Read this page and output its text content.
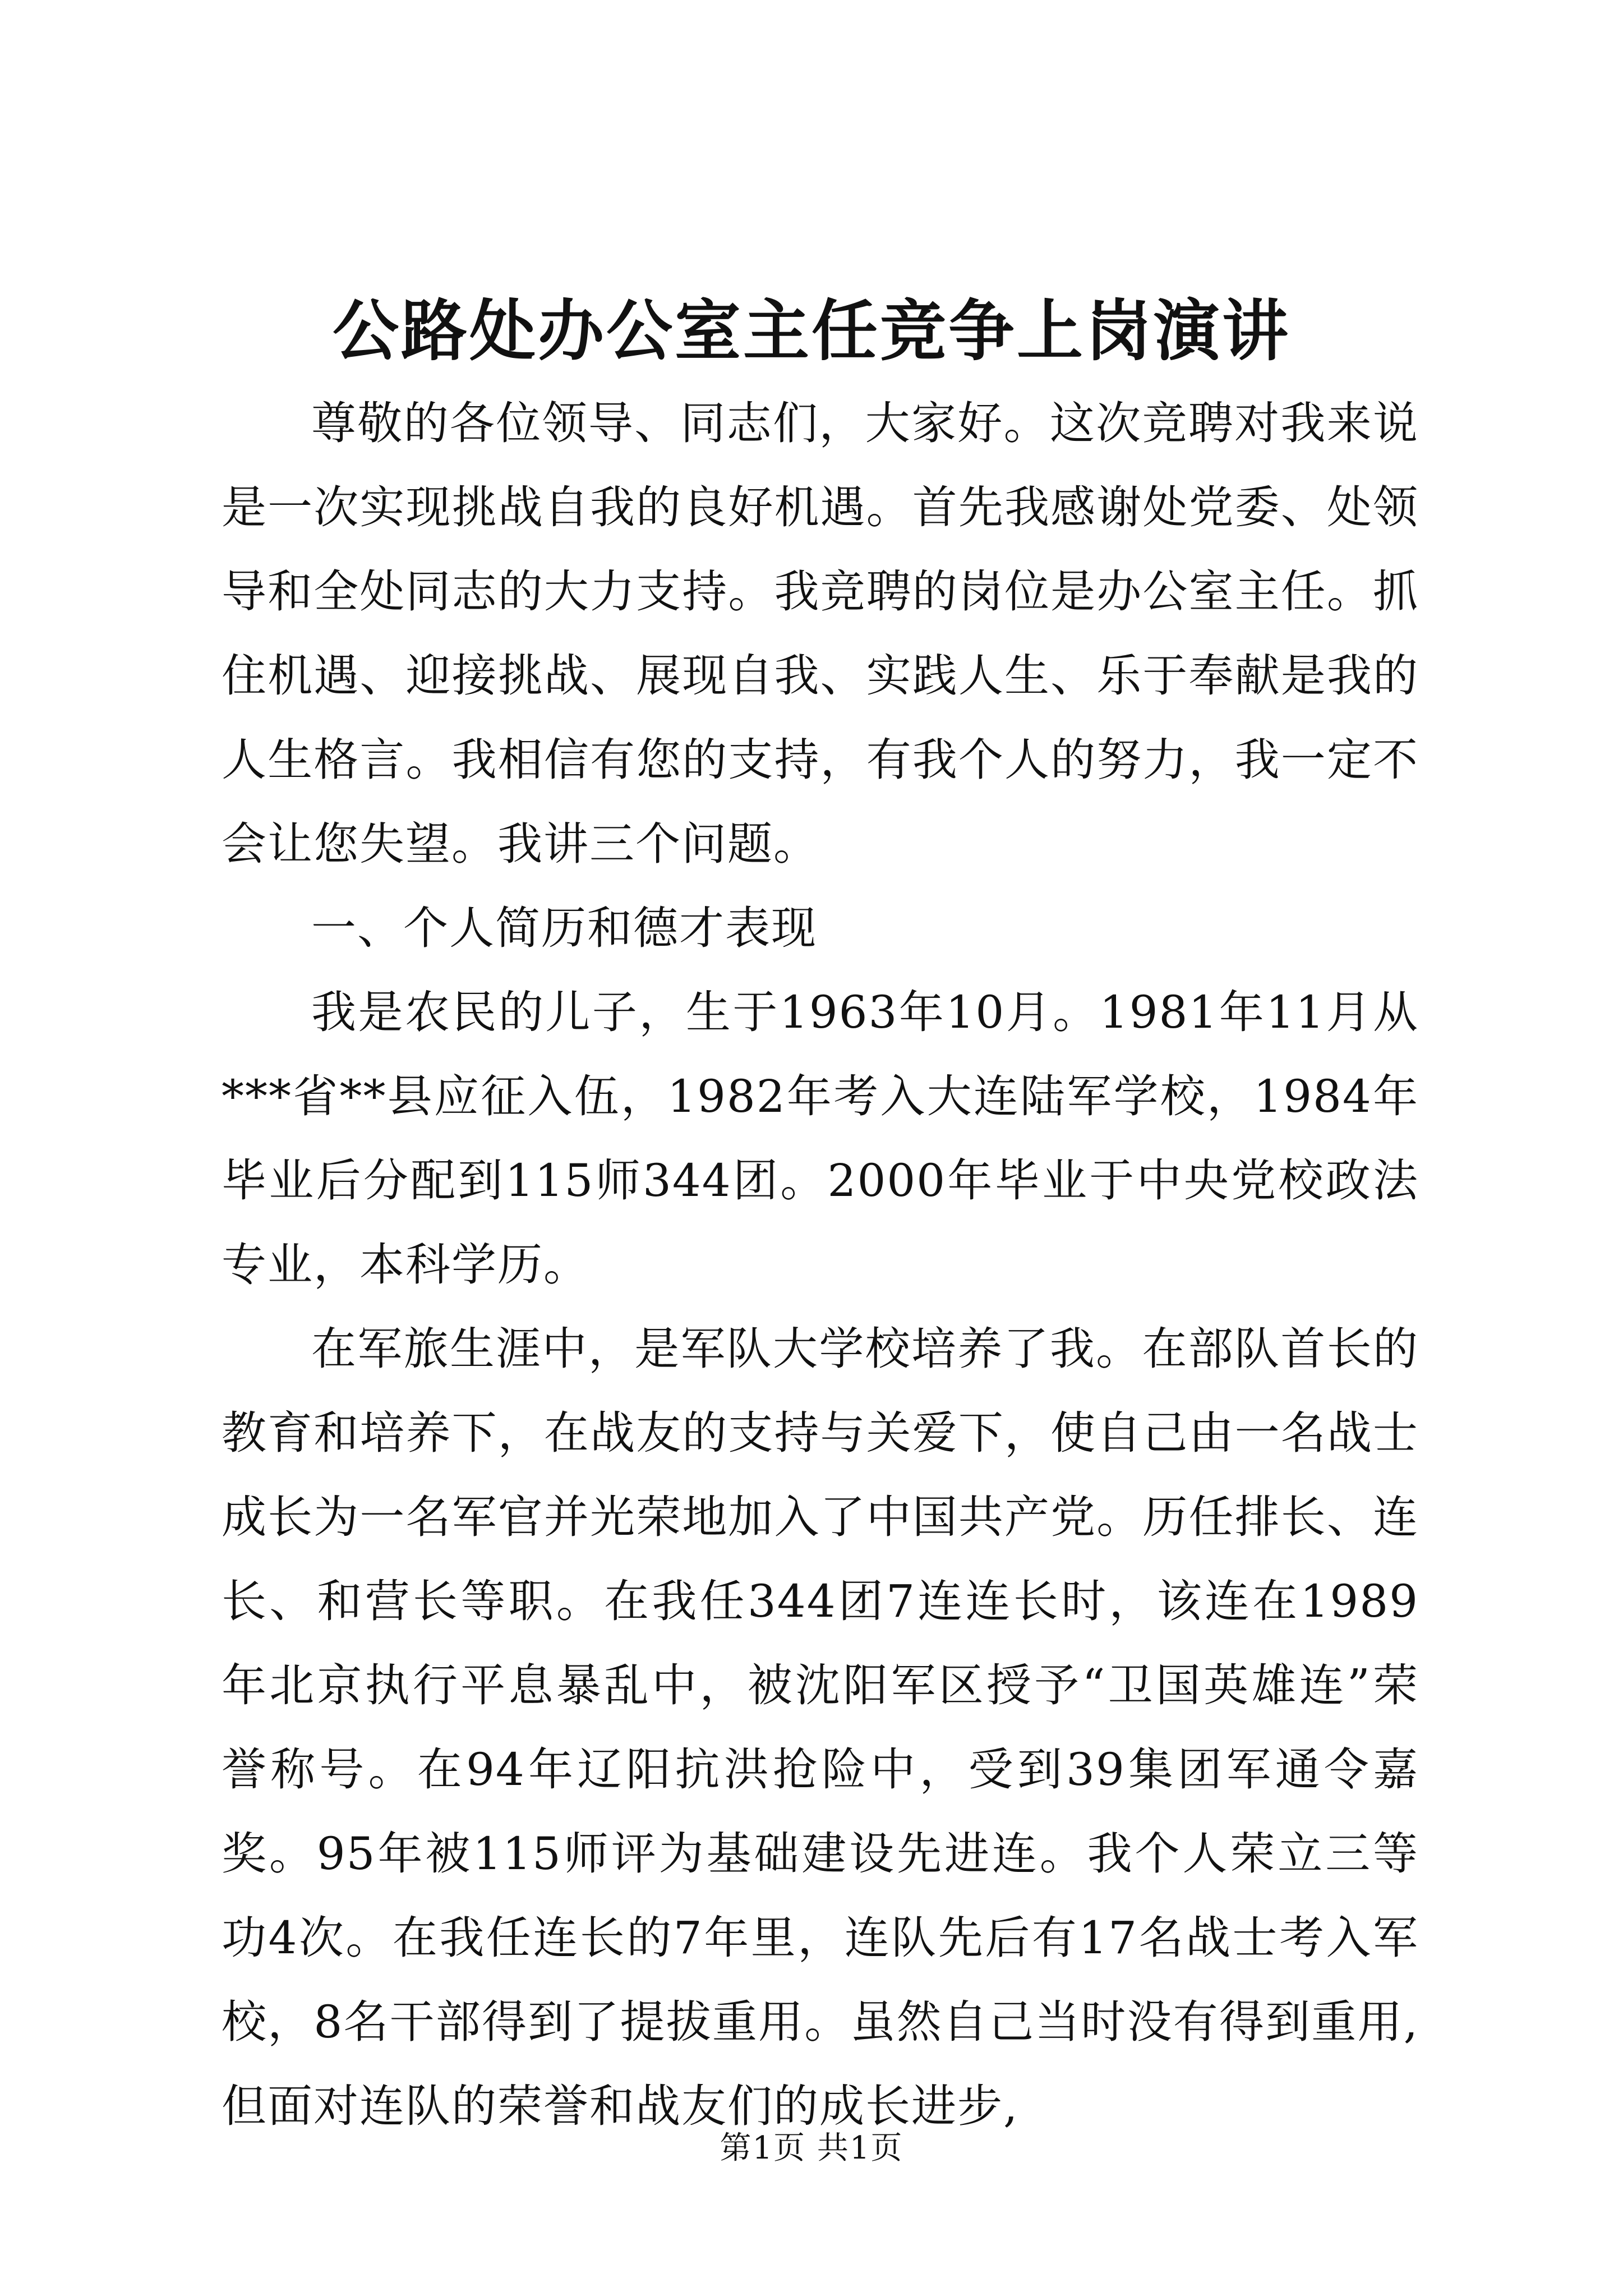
公路处办公室主任竞争上岗演讲

尊敬的各位领导、同志们，大家好。这次竞聘对我来说是一次实现挑战自我的良好机遇。首先我感谢处党委、处领导和全处同志的大力支持。我竞聘的岗位是办公室主任。抓住机遇、迎接挑战、展现自我、实践人生、乐于奉献是我的人生格言。我相信有您的支持，有我个人的努力，我一定不会让您失望。我讲三个问题。

一、个人简历和德才表现

我是农民的儿子，生于1963年10月。1981年11月从***省**县应征入伍，1982年考入大连陆军学校，1984年毕业后分配到115师344团。2000年毕业于中央党校政法专业，本科学历。

在军旅生涯中，是军队大学校培养了我。在部队首长的教育和培养下，在战友的支持与关爱下，使自己由一名战士成长为一名军官并光荣地加入了中国共产党。历任排长、连长、和营长等职。在我任344团7连连长时，该连在1989年北京执行平息暴乱中，被沈阳军区授予“卫国英雄连”荣誉称号。在94年辽阳抗洪抢险中，受到39集团军通令嘉奖。95年被115师评为基础建设先进连。我个人荣立三等功4次。在我任连长的7年里，连队先后有17名战士考入军校，8名干部得到了提拔重用。虽然自己当时没有得到重用,但面对连队的荣誉和战友们的成长进步,

第1页 共1页
